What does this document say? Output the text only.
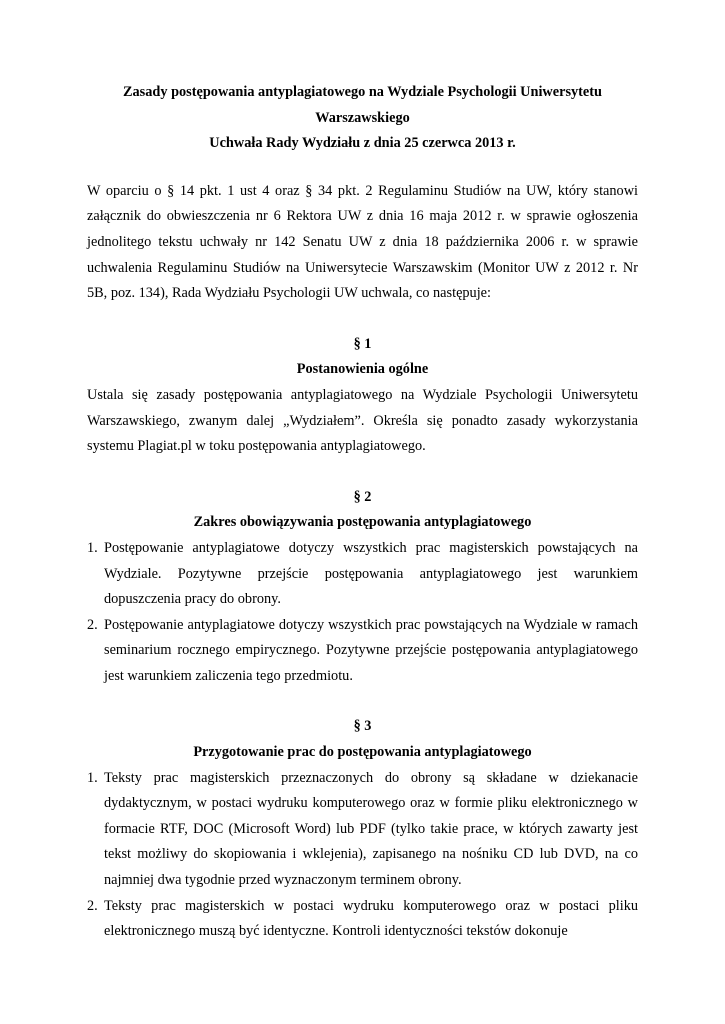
Zasady postępowania antyplagiatowego na Wydziale Psychologii Uniwersytetu

Warszawskiego

Uchwała Rady Wydziału z dnia 25 czerwca 2013 r.

W oparciu o § 14 pkt. 1 ust 4 oraz § 34 pkt. 2 Regulaminu Studiów na UW, który stanowi załącznik do obwieszczenia nr 6 Rektora UW z dnia 16 maja 2012 r. w sprawie ogłoszenia jednolitego tekstu uchwały nr 142 Senatu UW z dnia 18 października 2006 r. w sprawie uchwalenia Regulaminu Studiów na Uniwersytecie Warszawskim (Monitor UW z 2012 r. Nr 5B, poz. 134), Rada Wydziału Psychologii UW uchwala, co następuje:

§ 1

Postanowienia ogólne

Ustala się zasady postępowania antyplagiatowego na Wydziale Psychologii Uniwersytetu Warszawskiego, zwanym dalej „Wydziałem”. Określa się ponadto zasady wykorzystania systemu Plagiat.pl w toku postępowania antyplagiatowego.

§ 2

Zakres obowiązywania postępowania antyplagiatowego

1. Postępowanie antyplagiatowe dotyczy wszystkich prac magisterskich powstających na Wydziale. Pozytywne przejście postępowania antyplagiatowego jest warunkiem dopuszczenia pracy do obrony.
2. Postępowanie antyplagiatowe dotyczy wszystkich prac powstających na Wydziale w ramach seminarium rocznego empirycznego. Pozytywne przejście postępowania antyplagiatowego jest warunkiem zaliczenia tego przedmiotu.

§ 3

Przygotowanie prac do postępowania antyplagiatowego

1. Teksty prac magisterskich przeznaczonych do obrony są składane w dziekanacie dydaktycznym, w postaci wydruku komputerowego oraz w formie pliku elektronicznego w formacie RTF, DOC (Microsoft Word) lub PDF (tylko takie prace, w których zawarty jest tekst możliwy do skopiowania i wklejenia), zapisanego na nośniku CD lub DVD, na co najmniej dwa tygodnie przed wyznaczonym terminem obrony.
2. Teksty prac magisterskich w postaci wydruku komputerowego oraz w postaci pliku elektronicznego muszą być identyczne. Kontroli identyczności tekstów dokonuje
